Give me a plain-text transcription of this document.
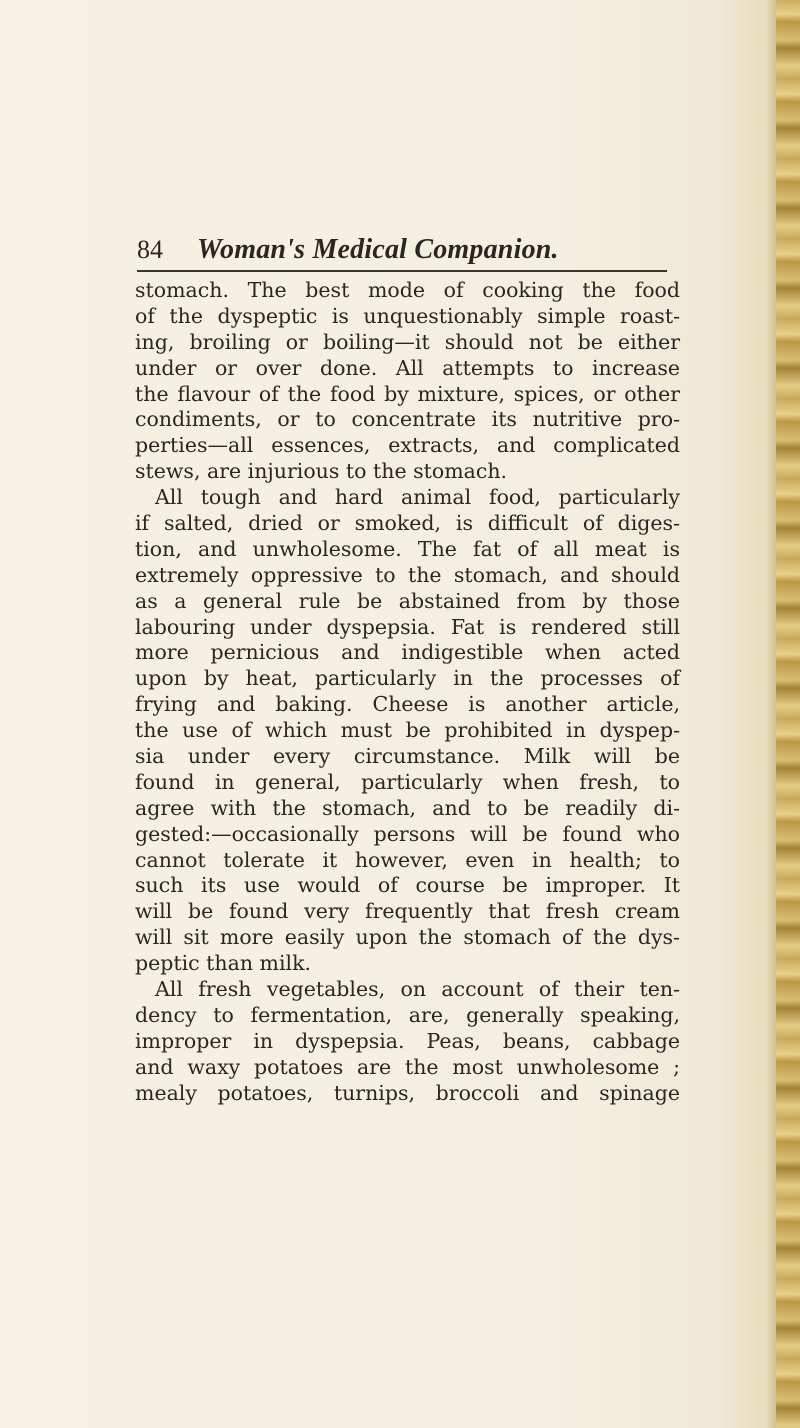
84 Woman's Medical Companion.
stomach. The best mode of cooking the food
of the dyspeptic is unquestionably simple roast-
ing, broiling or boiling—it should not be either
under or over done. All attempts to increase
the flavour of the food by mixture, spices, or other
condiments, or to concentrate its nutritive pro-
perties—all essences, extracts, and complicated
stews, are injurious to the stomach.
All tough and hard animal food, particularly
if salted, dried or smoked, is difficult of diges-
tion, and unwholesome. The fat of all meat is
extremely oppressive to the stomach, and should
as a general rule be abstained from by those
labouring under dyspepsia. Fat is rendered still
more pernicious and indigestible when acted
upon by heat, particularly in the processes of
frying and baking. Cheese is another article,
the use of which must be prohibited in dyspep-
sia under every circumstance. Milk will be
found in general, particularly when fresh, to
agree with the stomach, and to be readily di-
gested:—occasionally persons will be found who
cannot tolerate it however, even in health; to
such its use would of course be improper. It
will be found very frequently that fresh cream
will sit more easily upon the stomach of the dys-
peptic than milk.
All fresh vegetables, on account of their ten-
dency to fermentation, are, generally speaking,
improper in dyspepsia. Peas, beans, cabbage
and waxy potatoes are the most unwholesome ;
mealy potatoes, turnips, broccoli and spinage
